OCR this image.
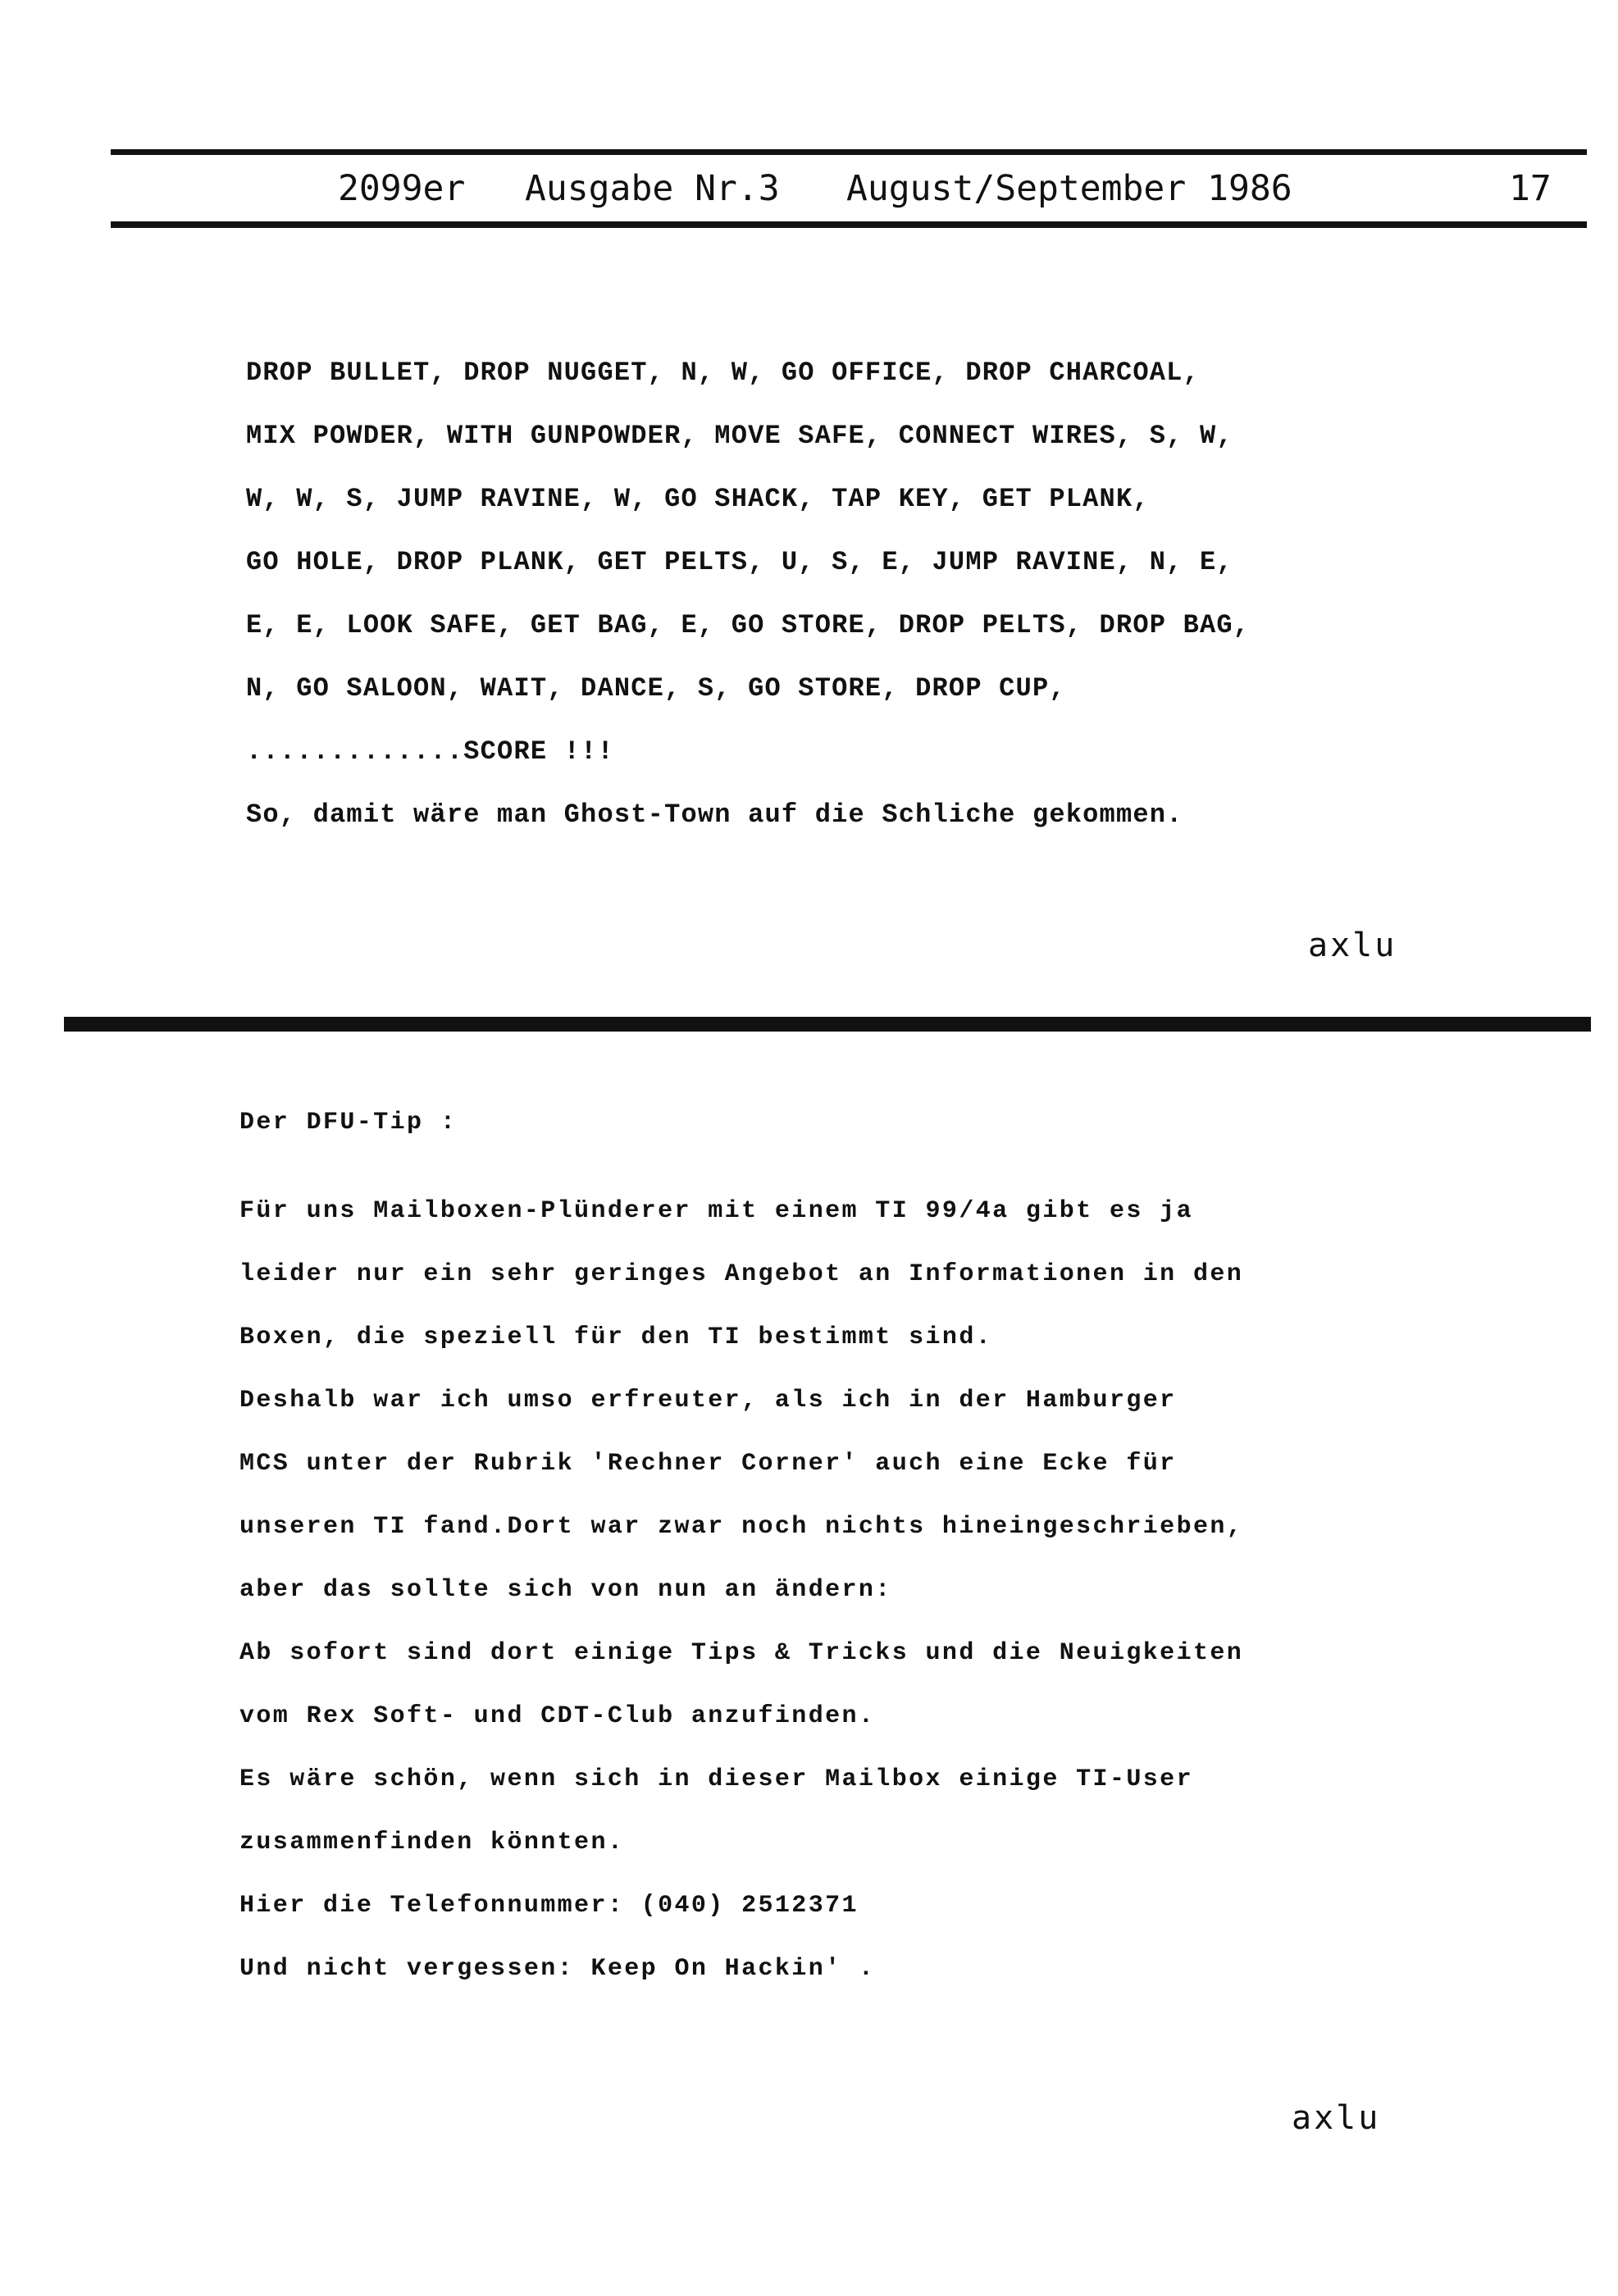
2099er Ausgabe Nr.3 August/September 1986	17
DROP BULLET, DROP NUGGET, N, W, GO OFFICE, DROP CHARCOAL,
MIX POWDER, WITH GUNPOWDER, MOVE SAFE, CONNECT WIRES, S, W,
W, W, S, JUMP RAVINE, W, GO SHACK, TAP KEY, GET PLANK,
GO HOLE, DROP PLANK, GET PELTS, U, S, E, JUMP RAVINE, N, E,
E, E, LOOK SAFE, GET BAG, E, GO STORE, DROP PELTS, DROP BAG,
N, GO SALOON, WAIT, DANCE, S, GO STORE, DROP CUP,
.............SCORE !!!
So, damit wäre man Ghost-Town auf die Schliche gekommen.
axlu
Der DFU-Tip :
Für uns Mailboxen-Plünderer mit einem TI 99/4a gibt es ja
leider nur ein sehr geringes Angebot an Informationen in den
Boxen, die speziell für den TI bestimmt sind.
Deshalb war ich umso erfreuter, als ich in der Hamburger
MCS unter der Rubrik 'Rechner Corner' auch eine Ecke für
unseren TI fand.Dort war zwar noch nichts hineingeschrieben,
aber das sollte sich von nun an ändern:
Ab sofort sind dort einige Tips & Tricks und die Neuigkeiten
vom Rex Soft- und CDT-Club anzufinden.
Es wäre schön, wenn sich in dieser Mailbox einige TI-User
zusammenfinden könnten.
Hier die Telefonnummer: (040) 2512371
Und nicht vergessen: Keep On Hackin' .
axlu
